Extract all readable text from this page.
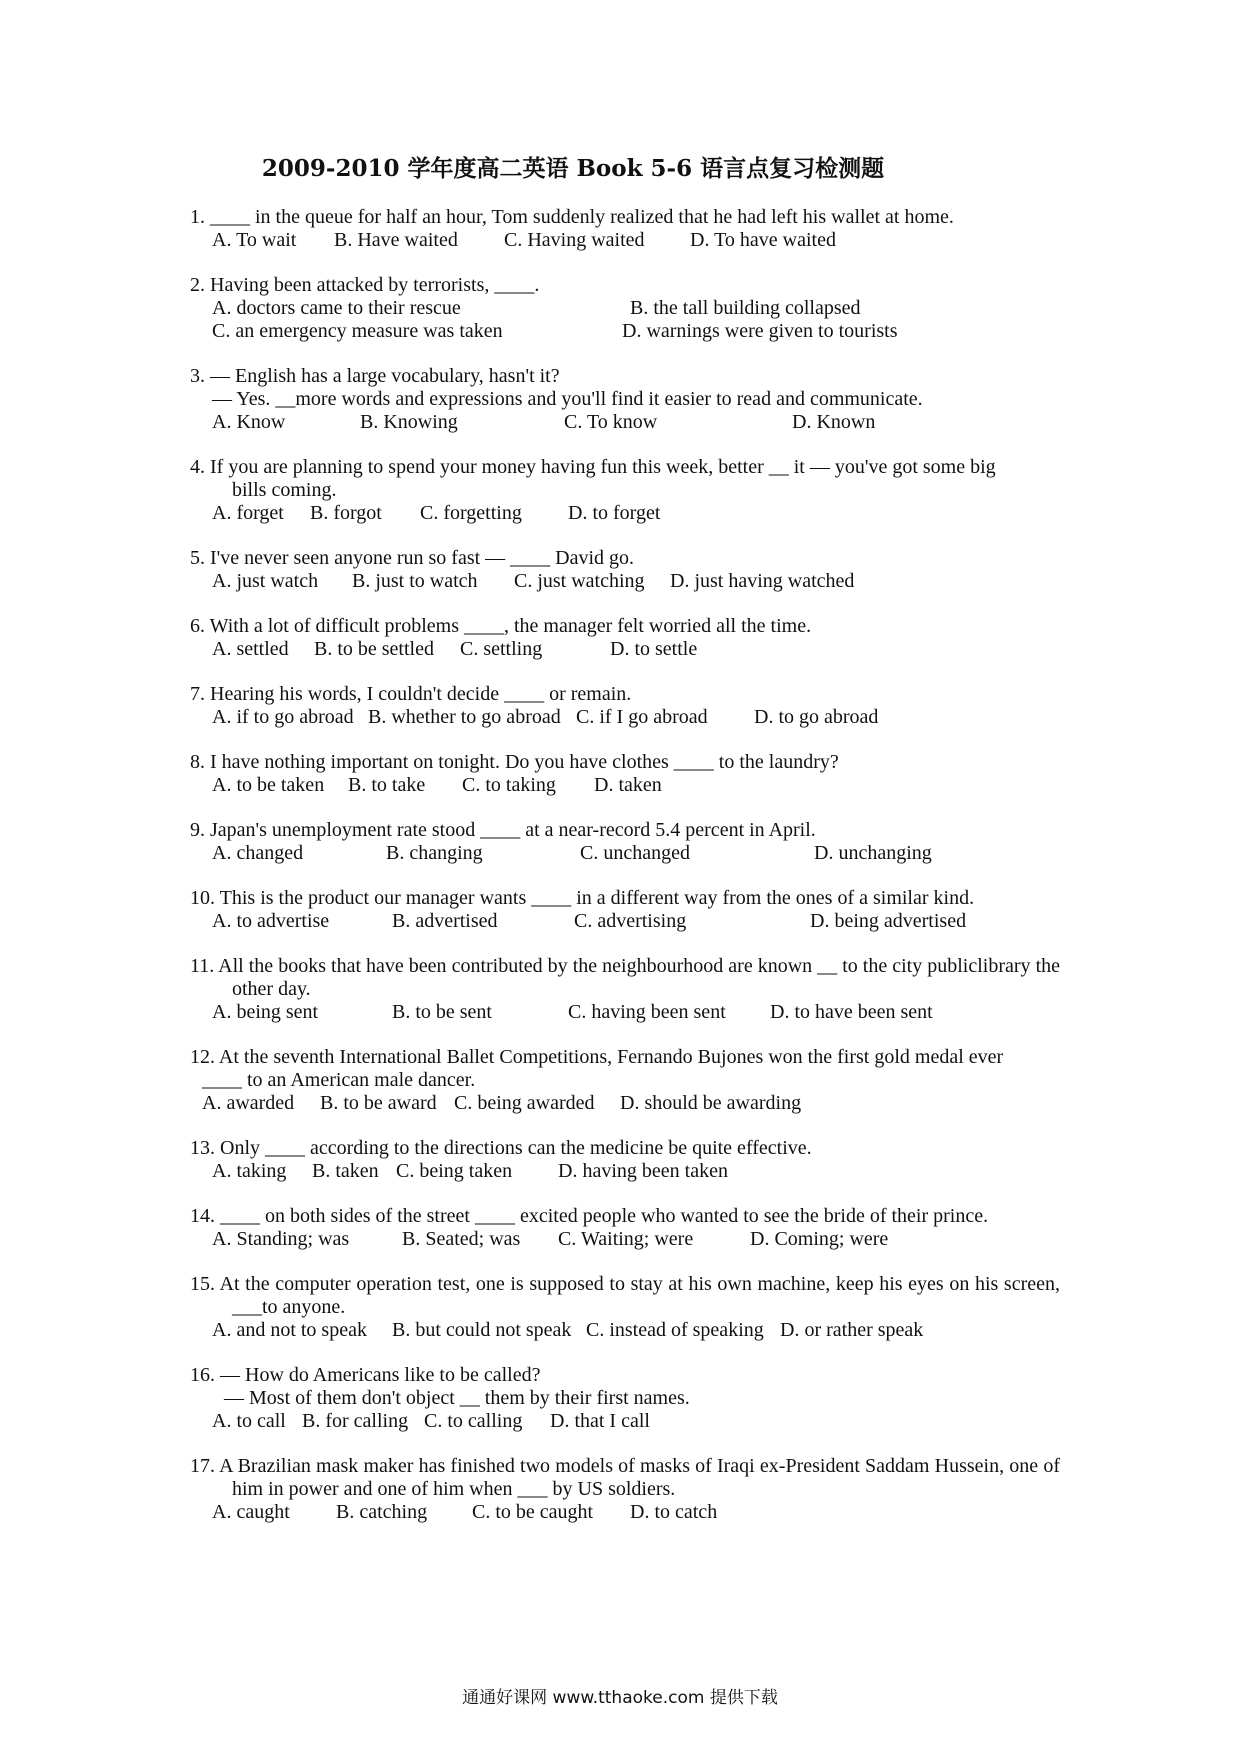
2009-2010 学年度高二英语 Book 5-6 语言点复习检测题
1. ____ in the queue for half an hour, Tom suddenly realized that he had left his wallet at home.
A. To wait B. Have waited C. Having waited D. To have waited
2. Having been attacked by terrorists, ____.
A. doctors came to their rescue	B. the tall building collapsed
C. an emergency measure was taken	D. warnings were given to tourists
3. — English has a large vocabulary, hasn't it?
— Yes. __more words and expressions and you'll find it easier to read and communicate.
A. Know	B. Knowing	C. To know	D. Known
4. If you are planning to spend your money having fun this week, better __ it — you've got some big
bills coming.
A. forget B. forgot C. forgetting D. to forget
5. I've never seen anyone run so fast — ____ David go.
A. just watch B. just to watch C. just watching D. just having watched
6. With a lot of difficult problems ____, the manager felt worried all the time.
A. settled B. to be settled C. settling	D. to settle
7. Hearing his words, I couldn't decide ____ or remain.
A. if to go abroad B. whether to go abroad C. if I go abroad D. to go abroad
8. I have nothing important on tonight. Do you have clothes ____ to the laundry?
A. to be taken B. to take C. to taking D. taken
9. Japan's unemployment rate stood ____ at a near-record 5.4 percent in April.
A. changed	B. changing	C. unchanged	D. unchanging
10. This is the product our manager wants ____ in a different way from the ones of a similar kind.
A. to advertise	B. advertised	C. advertising	D. being advertised
11. All the books that have been contributed by the neighbourhood are known __ to the city publiclibrary the other day.
A. being sent	B. to be sent	C. having been sent D. to have been sent
12. At the seventh International Ballet Competitions, Fernando Bujones won the first gold medal ever
____ to an American male dancer.
A. awarded B. to be award C. being awarded D. should be awarding
13. Only ____ according to the directions can the medicine be quite effective.
A. taking B. taken C. being taken D. having been taken
14. ____ on both sides of the street ____ excited people who wanted to see the bride of their prince.
A. Standing; was	B. Seated; was C. Waiting; were	D. Coming; were
15. At the computer operation test, one is supposed to stay at his own machine, keep his eyes on his screen, ___to anyone.
A. and not to speak B. but could not speak C. instead of speaking D. or rather speak
16. — How do Americans like to be called?
— Most of them don't object __ them by their first names.
A. to call B. for calling C. to calling D. that I call
17. A Brazilian mask maker has finished two models of masks of Iraqi ex-President Saddam Hussein, one of him in power and one of him when ___ by US soldiers.
A. caught B. catching C. to be caught D. to catch
通通好课网 www.tthaoke.com 提供下载
